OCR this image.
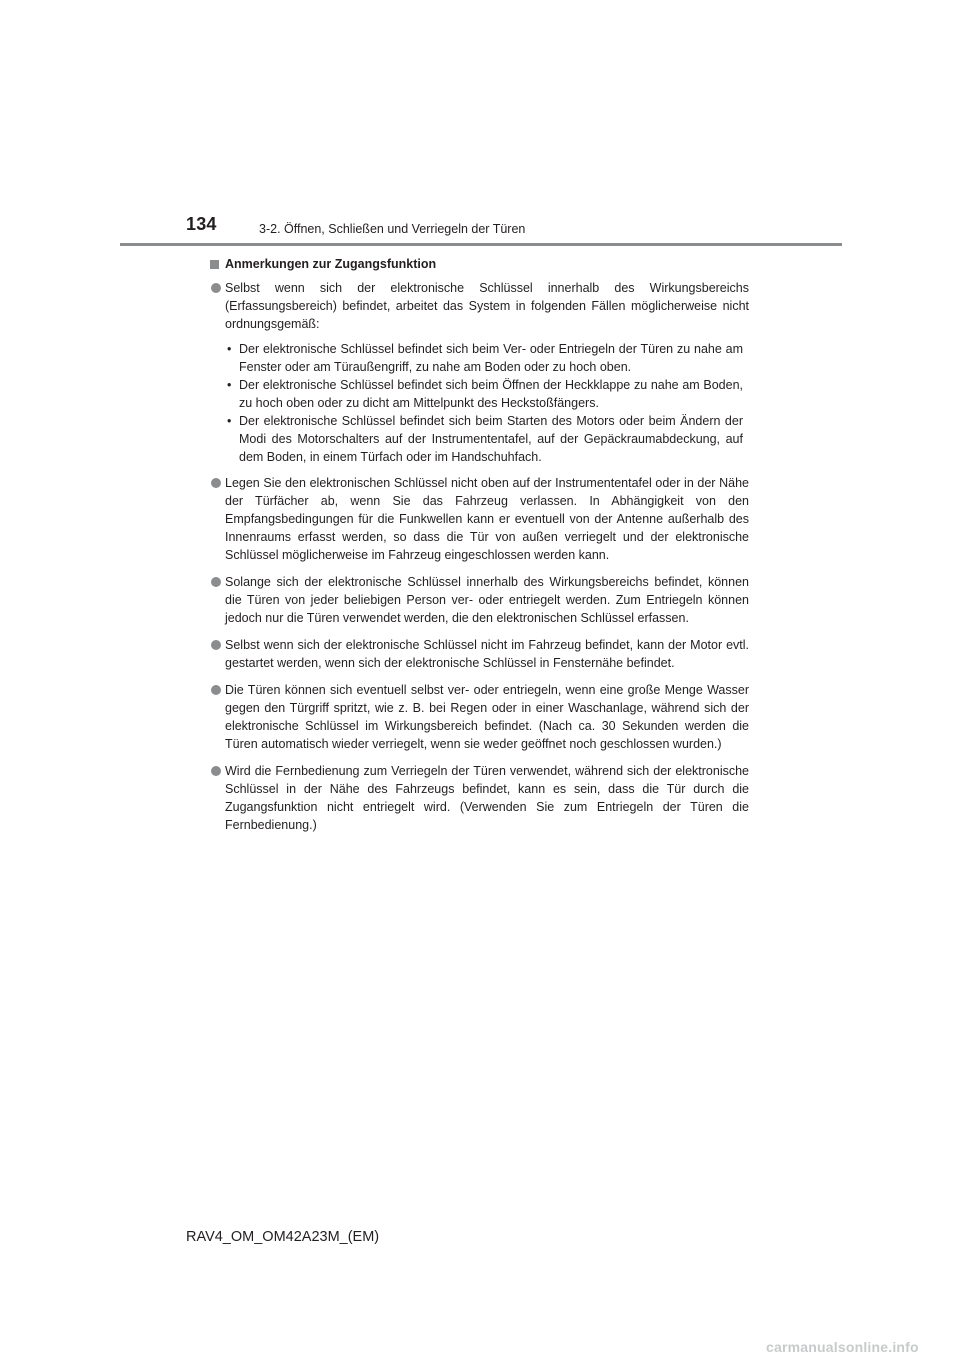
134	3-2. Öffnen, Schließen und Verriegeln der Türen
Anmerkungen zur Zugangsfunktion
Selbst wenn sich der elektronische Schlüssel innerhalb des Wirkungsbereichs (Erfassungsbereich) befindet, arbeitet das System in folgenden Fällen möglicherweise nicht ordnungsgemäß:
• Der elektronische Schlüssel befindet sich beim Ver- oder Entriegeln der Türen zu nahe am Fenster oder am Türaußengriff, zu nahe am Boden oder zu hoch oben.
• Der elektronische Schlüssel befindet sich beim Öffnen der Heckklappe zu nahe am Boden, zu hoch oben oder zu dicht am Mittelpunkt des Heckstoßfängers.
• Der elektronische Schlüssel befindet sich beim Starten des Motors oder beim Ändern der Modi des Motorschalters auf der Instrumententafel, auf der Gepäckraumabdeckung, auf dem Boden, in einem Türfach oder im Handschuhfach.
Legen Sie den elektronischen Schlüssel nicht oben auf der Instrumententafel oder in der Nähe der Türfächer ab, wenn Sie das Fahrzeug verlassen. In Abhängigkeit von den Empfangsbedingungen für die Funkwellen kann er eventuell von der Antenne außerhalb des Innenraums erfasst werden, so dass die Tür von außen verriegelt und der elektronische Schlüssel möglicherweise im Fahrzeug eingeschlossen werden kann.
Solange sich der elektronische Schlüssel innerhalb des Wirkungsbereichs befindet, können die Türen von jeder beliebigen Person ver- oder entriegelt werden. Zum Entriegeln können jedoch nur die Türen verwendet werden, die den elektronischen Schlüssel erfassen.
Selbst wenn sich der elektronische Schlüssel nicht im Fahrzeug befindet, kann der Motor evtl. gestartet werden, wenn sich der elektronische Schlüssel in Fensternähe befindet.
Die Türen können sich eventuell selbst ver- oder entriegeln, wenn eine große Menge Wasser gegen den Türgriff spritzt, wie z. B. bei Regen oder in einer Waschanlage, während sich der elektronische Schlüssel im Wirkungsbereich befindet. (Nach ca. 30 Sekunden werden die Türen automatisch wieder verriegelt, wenn sie weder geöffnet noch geschlossen wurden.)
Wird die Fernbedienung zum Verriegeln der Türen verwendet, während sich der elektronische Schlüssel in der Nähe des Fahrzeugs befindet, kann es sein, dass die Tür durch die Zugangsfunktion nicht entriegelt wird. (Verwenden Sie zum Entriegeln der Türen die Fernbedienung.)
RAV4_OM_OM42A23M_(EM)
carmanualsonline.info
